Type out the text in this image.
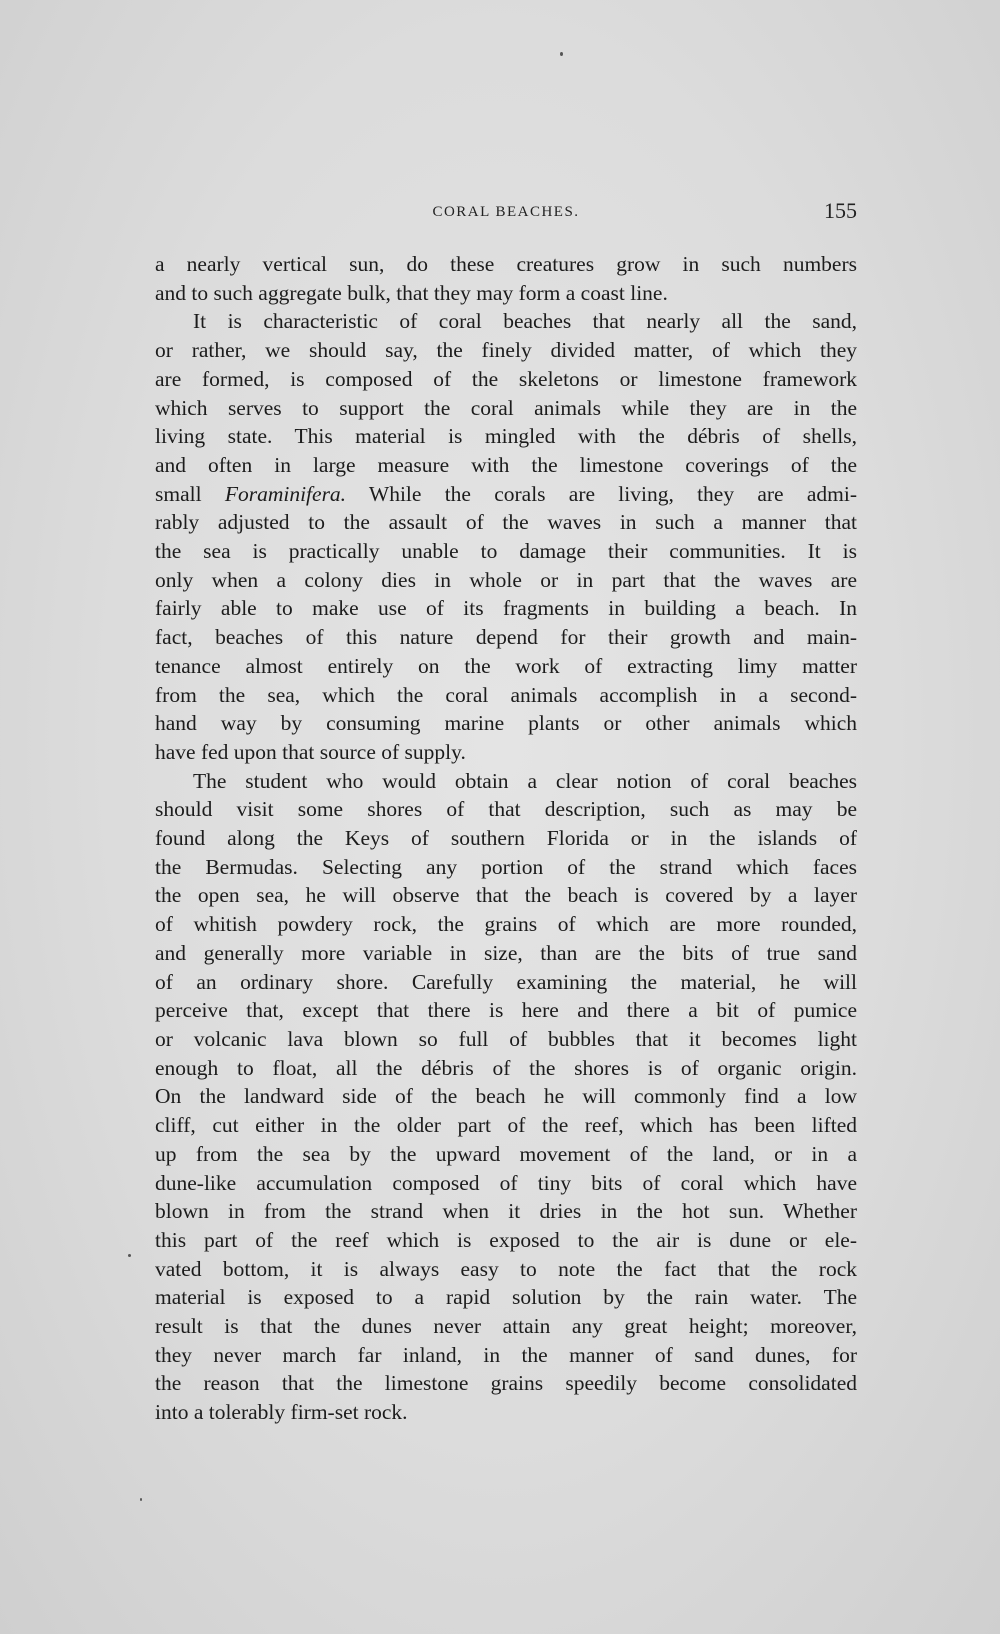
CORAL BEACHES.	155

a nearly vertical sun, do these creatures grow in such numbers
and to such aggregate bulk, that they may form a coast line.

It is characteristic of coral beaches that nearly all the sand,
or rather, we should say, the finely divided matter, of which they
are formed, is composed of the skeletons or limestone framework
which serves to support the coral animals while they are in the
living state. This material is mingled with the débris of shells,
and often in large measure with the limestone coverings of the
small Foraminifera. While the corals are living, they are admi-
rably adjusted to the assault of the waves in such a manner that
the sea is practically unable to damage their communities. It is
only when a colony dies in whole or in part that the waves are
fairly able to make use of its fragments in building a beach. In
fact, beaches of this nature depend for their growth and main-
tenance almost entirely on the work of extracting limy matter
from the sea, which the coral animals accomplish in a second-
hand way by consuming marine plants or other animals which
have fed upon that source of supply.

The student who would obtain a clear notion of coral beaches
should visit some shores of that description, such as may be
found along the Keys of southern Florida or in the islands of
the Bermudas. Selecting any portion of the strand which faces
the open sea, he will observe that the beach is covered by a layer
of whitish powdery rock, the grains of which are more rounded,
and generally more variable in size, than are the bits of true sand
of an ordinary shore. Carefully examining the material, he will
perceive that, except that there is here and there a bit of pumice
or volcanic lava blown so full of bubbles that it becomes light
enough to float, all the débris of the shores is of organic origin.
On the landward side of the beach he will commonly find a low
cliff, cut either in the older part of the reef, which has been lifted
up from the sea by the upward movement of the land, or in a
dune-like accumulation composed of tiny bits of coral which have
blown in from the strand when it dries in the hot sun. Whether
this part of the reef which is exposed to the air is dune or ele-
vated bottom, it is always easy to note the fact that the rock
material is exposed to a rapid solution by the rain water. The
result is that the dunes never attain any great height; moreover,
they never march far inland, in the manner of sand dunes, for
the reason that the limestone grains speedily become consolidated
into a tolerably firm-set rock.
